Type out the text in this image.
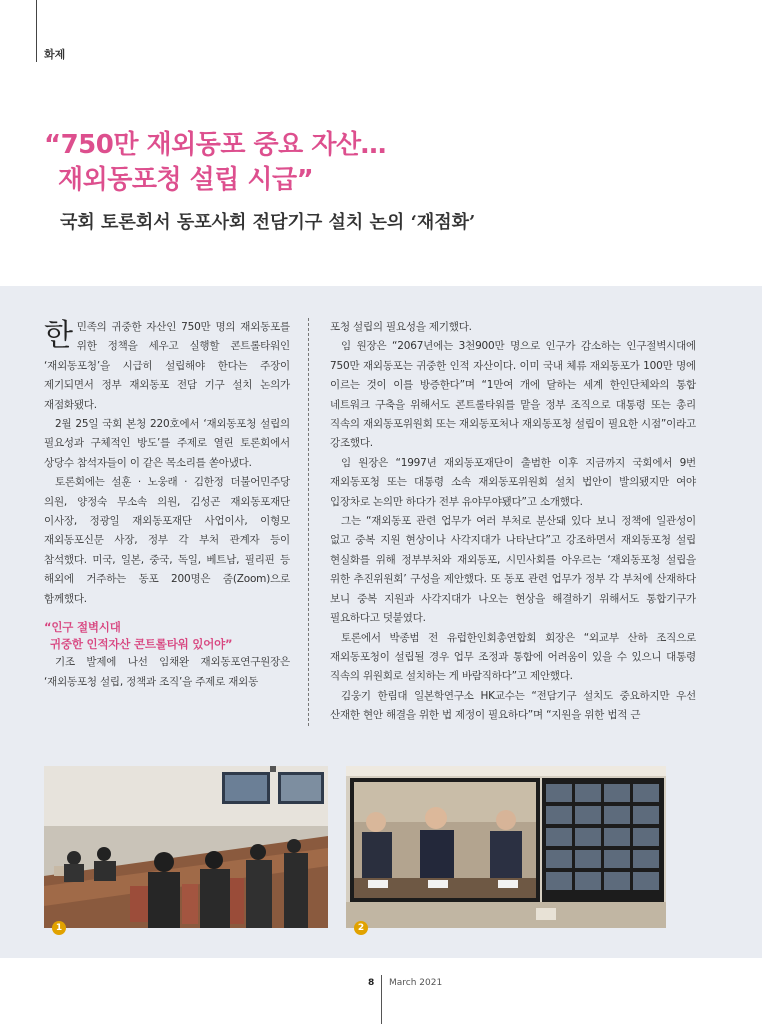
화제
“750만 재외동포 중요 자산…
재외동포청 설립 시급”
국회 토론회서 동포사회 전담기구 설치 논의 ‘재점화’

한민족의 귀중한 자산인 750만 명의 재외동포를 위한 정책을 세우고 실행할 콘트롤타워인 ‘재외동포청’을 시급히 설립해야 한다는 주장이 제기되면서 정부 재외동포 전담 기구 설치 논의가 재점화됐다.

2월 25일 국회 본청 220호에서 ‘재외동포청 설립의 필요성과 구체적인 방도’를 주제로 열린 토론회에서 상당수 참석자들이 이 같은 목소리를 쏟아냈다.

토론회에는 설훈 · 노웅래 · 김한정 더불어민주당 의원, 양정숙 무소속 의원, 김성곤 재외동포재단 이사장, 정광일 재외동포재단 사업이사, 이형모 재외동포신문 사장, 정부 각 부처 관계자 등이 참석했다. 미국, 일본, 중국, 독일, 베트남, 필리핀 등 해외에 거주하는 동포 200명은 줌(Zoom)으로 함께했다.

“인구 절벽시대
귀중한 인적자산 콘트롤타워 있어야”

기조 발제에 나선 임채완 재외동포연구원장은 ‘재외동포청 설립, 정책과 조직’을 주제로 재외동

포청 설립의 필요성을 제기했다.

임 원장은 “2067년에는 3천900만 명으로 인구가 감소하는 인구절벽시대에 750만 재외동포는 귀중한 인적 자산이다. 이미 국내 체류 재외동포가 100만 명에 이르는 것이 이를 방증한다”며 “1만여 개에 달하는 세계 한인단체와의 통합 네트워크 구축을 위해서도 콘트롤타워를 맡을 정부 조직으로 대통령 또는 총리 직속의 재외동포위원회 또는 재외동포처나 재외동포청 설립이 필요한 시점”이라고 강조했다.

임 원장은 “1997년 재외동포재단이 출범한 이후 지금까지 국회에서 9번 재외동포청 또는 대통령 소속 재외동포위원회 설치 법안이 발의됐지만 여야 입장차로 논의만 하다가 전부 유야무야됐다”고 소개했다.

그는 “재외동포 관련 업무가 여러 부처로 분산돼 있다 보니 정책에 일관성이 없고 중복 지원 현상이나 사각지대가 나타난다”고 강조하면서 재외동포청 설립 현실화를 위해 정부부처와 재외동포, 시민사회를 아우르는 ‘재외동포청 설립을 위한 추진위원회’ 구성을 제안했다. 또 동포 관련 업무가 정부 각 부처에 산재하다 보니 중복 지원과 사각지대가 나오는 현상을 해결하기 위해서도 통합기구가 필요하다고 덧붙였다.

토론에서 박종범 전 유럽한인회총연합회 회장은 “외교부 산하 조직으로 재외동포청이 설립될 경우 업무 조정과 통합에 어려움이 있을 수 있으니 대통령 직속의 위원회로 설치하는 게 바람직하다”고 제안했다.

김웅기 한림대 일본학연구소 HK교수는 “전담기구 설치도 중요하지만 우선 산재한 현안 해결을 위한 법 제정이 필요하다”며 “지원을 위한 법적 근

1	2
8 March 2021
